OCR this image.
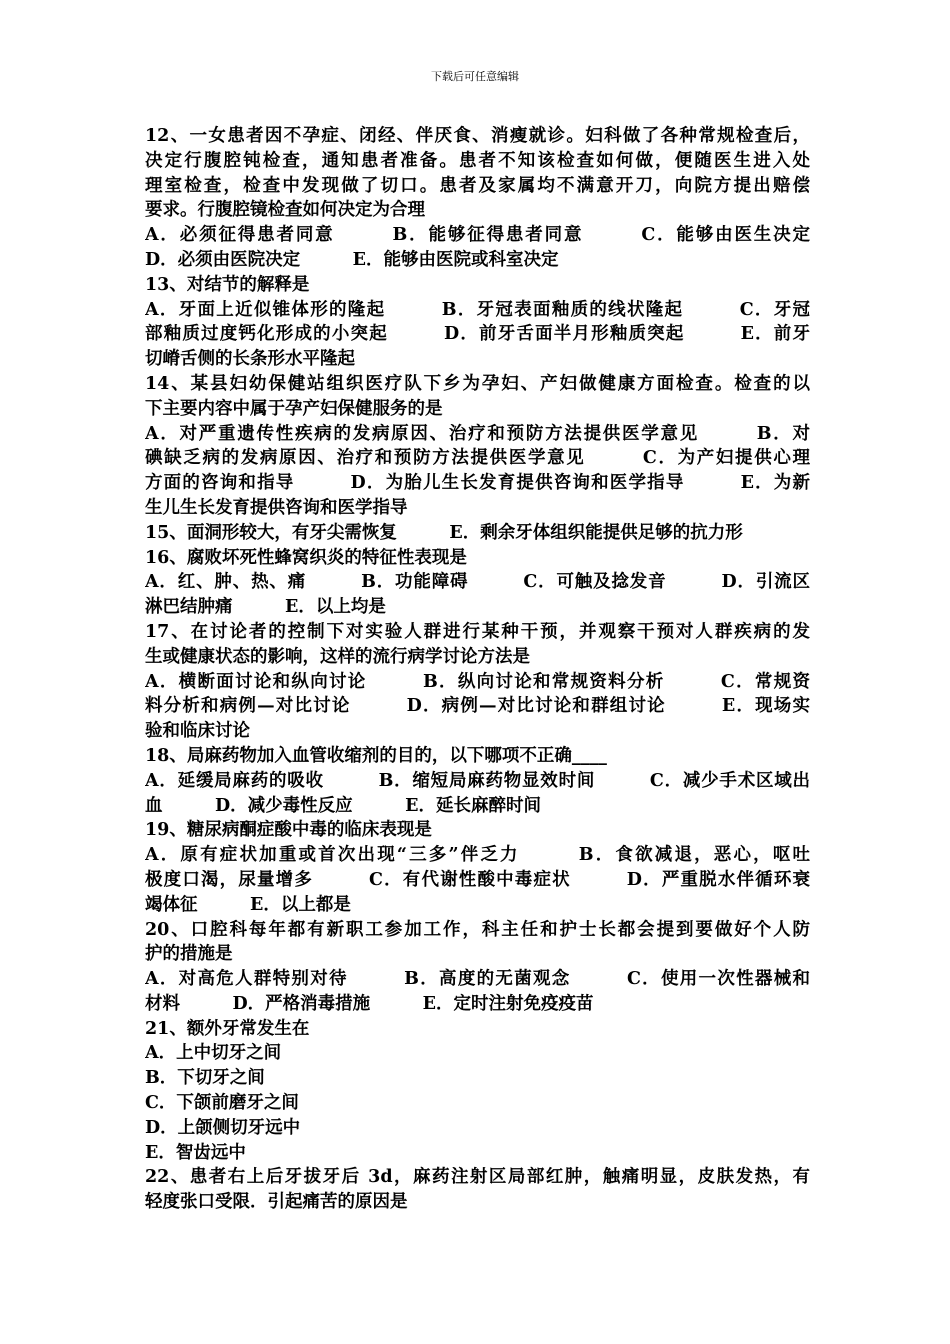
下载后可任意编辑
12、一女患者因不孕症、闭经、伴厌食、消瘦就诊。妇科做了各种常规检查后，
决定行腹腔钝检查，通知患者准备。患者不知该检查如何做，便随医生进入处
理室检查，检查中发现做了切口。患者及家属均不满意开刀，向院方提出赔偿
要求。行腹腔镜检查如何决定为合理
A．必须征得患者同意　　　B．能够征得患者同意　　　C．能够由医生决定
D．必须由医院决定　　　E．能够由医院或科室决定
13、对结节的解释是
A．牙面上近似锥体形的隆起　　　B．牙冠表面釉质的线状隆起　　　C．牙冠
部釉质过度钙化形成的小突起　　　D．前牙舌面半月形釉质突起　　　E．前牙
切嵴舌侧的长条形水平隆起
14、某县妇幼保健站组织医疗队下乡为孕妇、产妇做健康方面检查。检查的以
下主要内容中属于孕产妇保健服务的是
A．对严重遗传性疾病的发病原因、治疗和预防方法提供医学意见　　　B．对
碘缺乏病的发病原因、治疗和预防方法提供医学意见　　　C．为产妇提供心理
方面的咨询和指导　　　D．为胎儿生长发育提供咨询和医学指导　　　E．为新
生儿生长发育提供咨询和医学指导
15、面洞形较大，有牙尖需恢复　　　E．剩余牙体组织能提供足够的抗力形
16、腐败坏死性蜂窝织炎的特征性表现是
A．红、肿、热、痛　　　B．功能障碍　　　C．可触及捻发音　　　D．引流区
淋巴结肿痛　　　E．以上均是
17、在讨论者的控制下对实验人群进行某种干预，并观察干预对人群疾病的发
生或健康状态的影响，这样的流行病学讨论方法是
A．横断面讨论和纵向讨论　　　B．纵向讨论和常规资料分析　　　C．常规资
料分析和病例—对比讨论　　　D．病例—对比讨论和群组讨论　　　E．现场实
验和临床讨论
18、局麻药物加入血管收缩剂的目的，以下哪项不正确____
A．延缓局麻药的吸收　　　B．缩短局麻药物显效时间　　　C．减少手术区域出
血　　　D．减少毒性反应　　　E．延长麻醉时间
19、糖尿病酮症酸中毒的临床表现是
A．原有症状加重或首次出现“三多”伴乏力　　　B．食欲减退，恶心，呕吐
极度口渴，尿量增多　　　C．有代谢性酸中毒症状　　　D．严重脱水伴循环衰
竭体征　　　E．以上都是
20、口腔科每年都有新职工参加工作，科主任和护士长都会提到要做好个人防
护的措施是
A．对高危人群特别对待　　　B．高度的无菌观念　　　C．使用一次性器械和
材料　　　D．严格消毒措施　　　E．定时注射免疫疫苗
21、额外牙常发生在
A．上中切牙之间
B．下切牙之间
C．下颌前磨牙之间
D．上颌侧切牙远中
E．智齿远中
22、患者右上后牙拔牙后 3d，麻药注射区局部红肿，触痛明显，皮肤发热，有
轻度张口受限．引起痛苦的原因是
